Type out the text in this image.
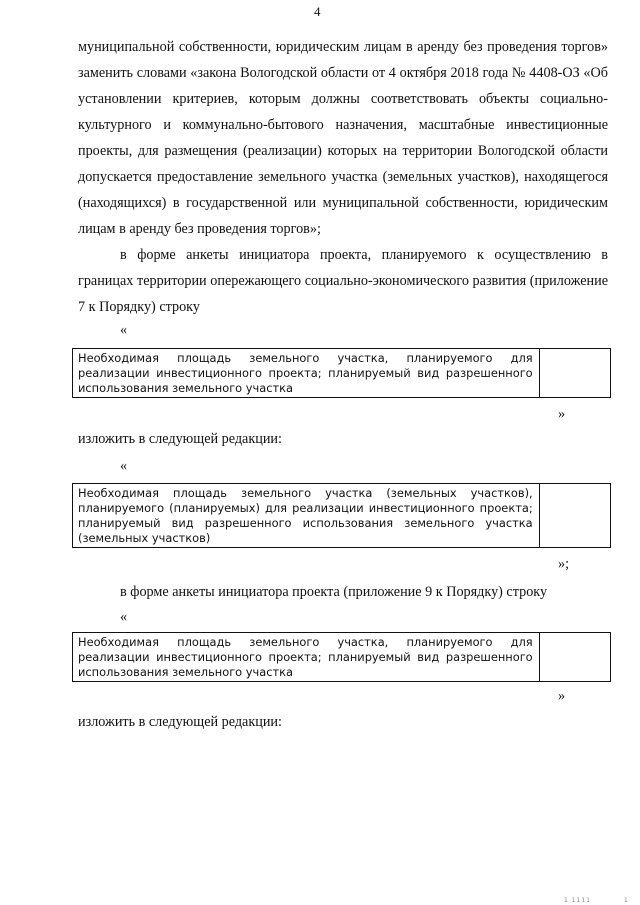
4

муниципальной собственности, юридическим лицам в аренду без проведения торгов» заменить словами «закона Вологодской области от 4 октября 2018 года № 4408-ОЗ «Об установлении критериев, которым должны соответствовать объекты социально-культурного и коммунально-бытового назначения, масштабные инвестиционные проекты, для размещения (реализации) которых на территории Вологодской области допускается предоставление земельного участка (земельных участков), находящегося (находящихся) в государственной или муниципальной собственности, юридическим лицам в аренду без проведения торгов»;

в форме анкеты инициатора проекта, планируемого к осуществлению в границах территории опережающего социально-экономического развития (приложение 7 к Порядку) строку

«
Необходимая площадь земельного участка, планируемого для реализации инвестиционного проекта; планируемый вид разрешенного использования земельного участка	
»

изложить в следующей редакции:

«
Необходимая площадь земельного участка (земельных участков), планируемого (планируемых) для реализации инвестиционного проекта; планируемый вид разрешенного использования земельного участка (земельных участков)	
»;

в форме анкеты инициатора проекта (приложение 9 к Порядку) строку

«
Необходимая площадь земельного участка, планируемого для реализации инвестиционного проекта; планируемый вид разрешенного использования земельного участка	
»

изложить в следующей редакции:

1 1111	1
